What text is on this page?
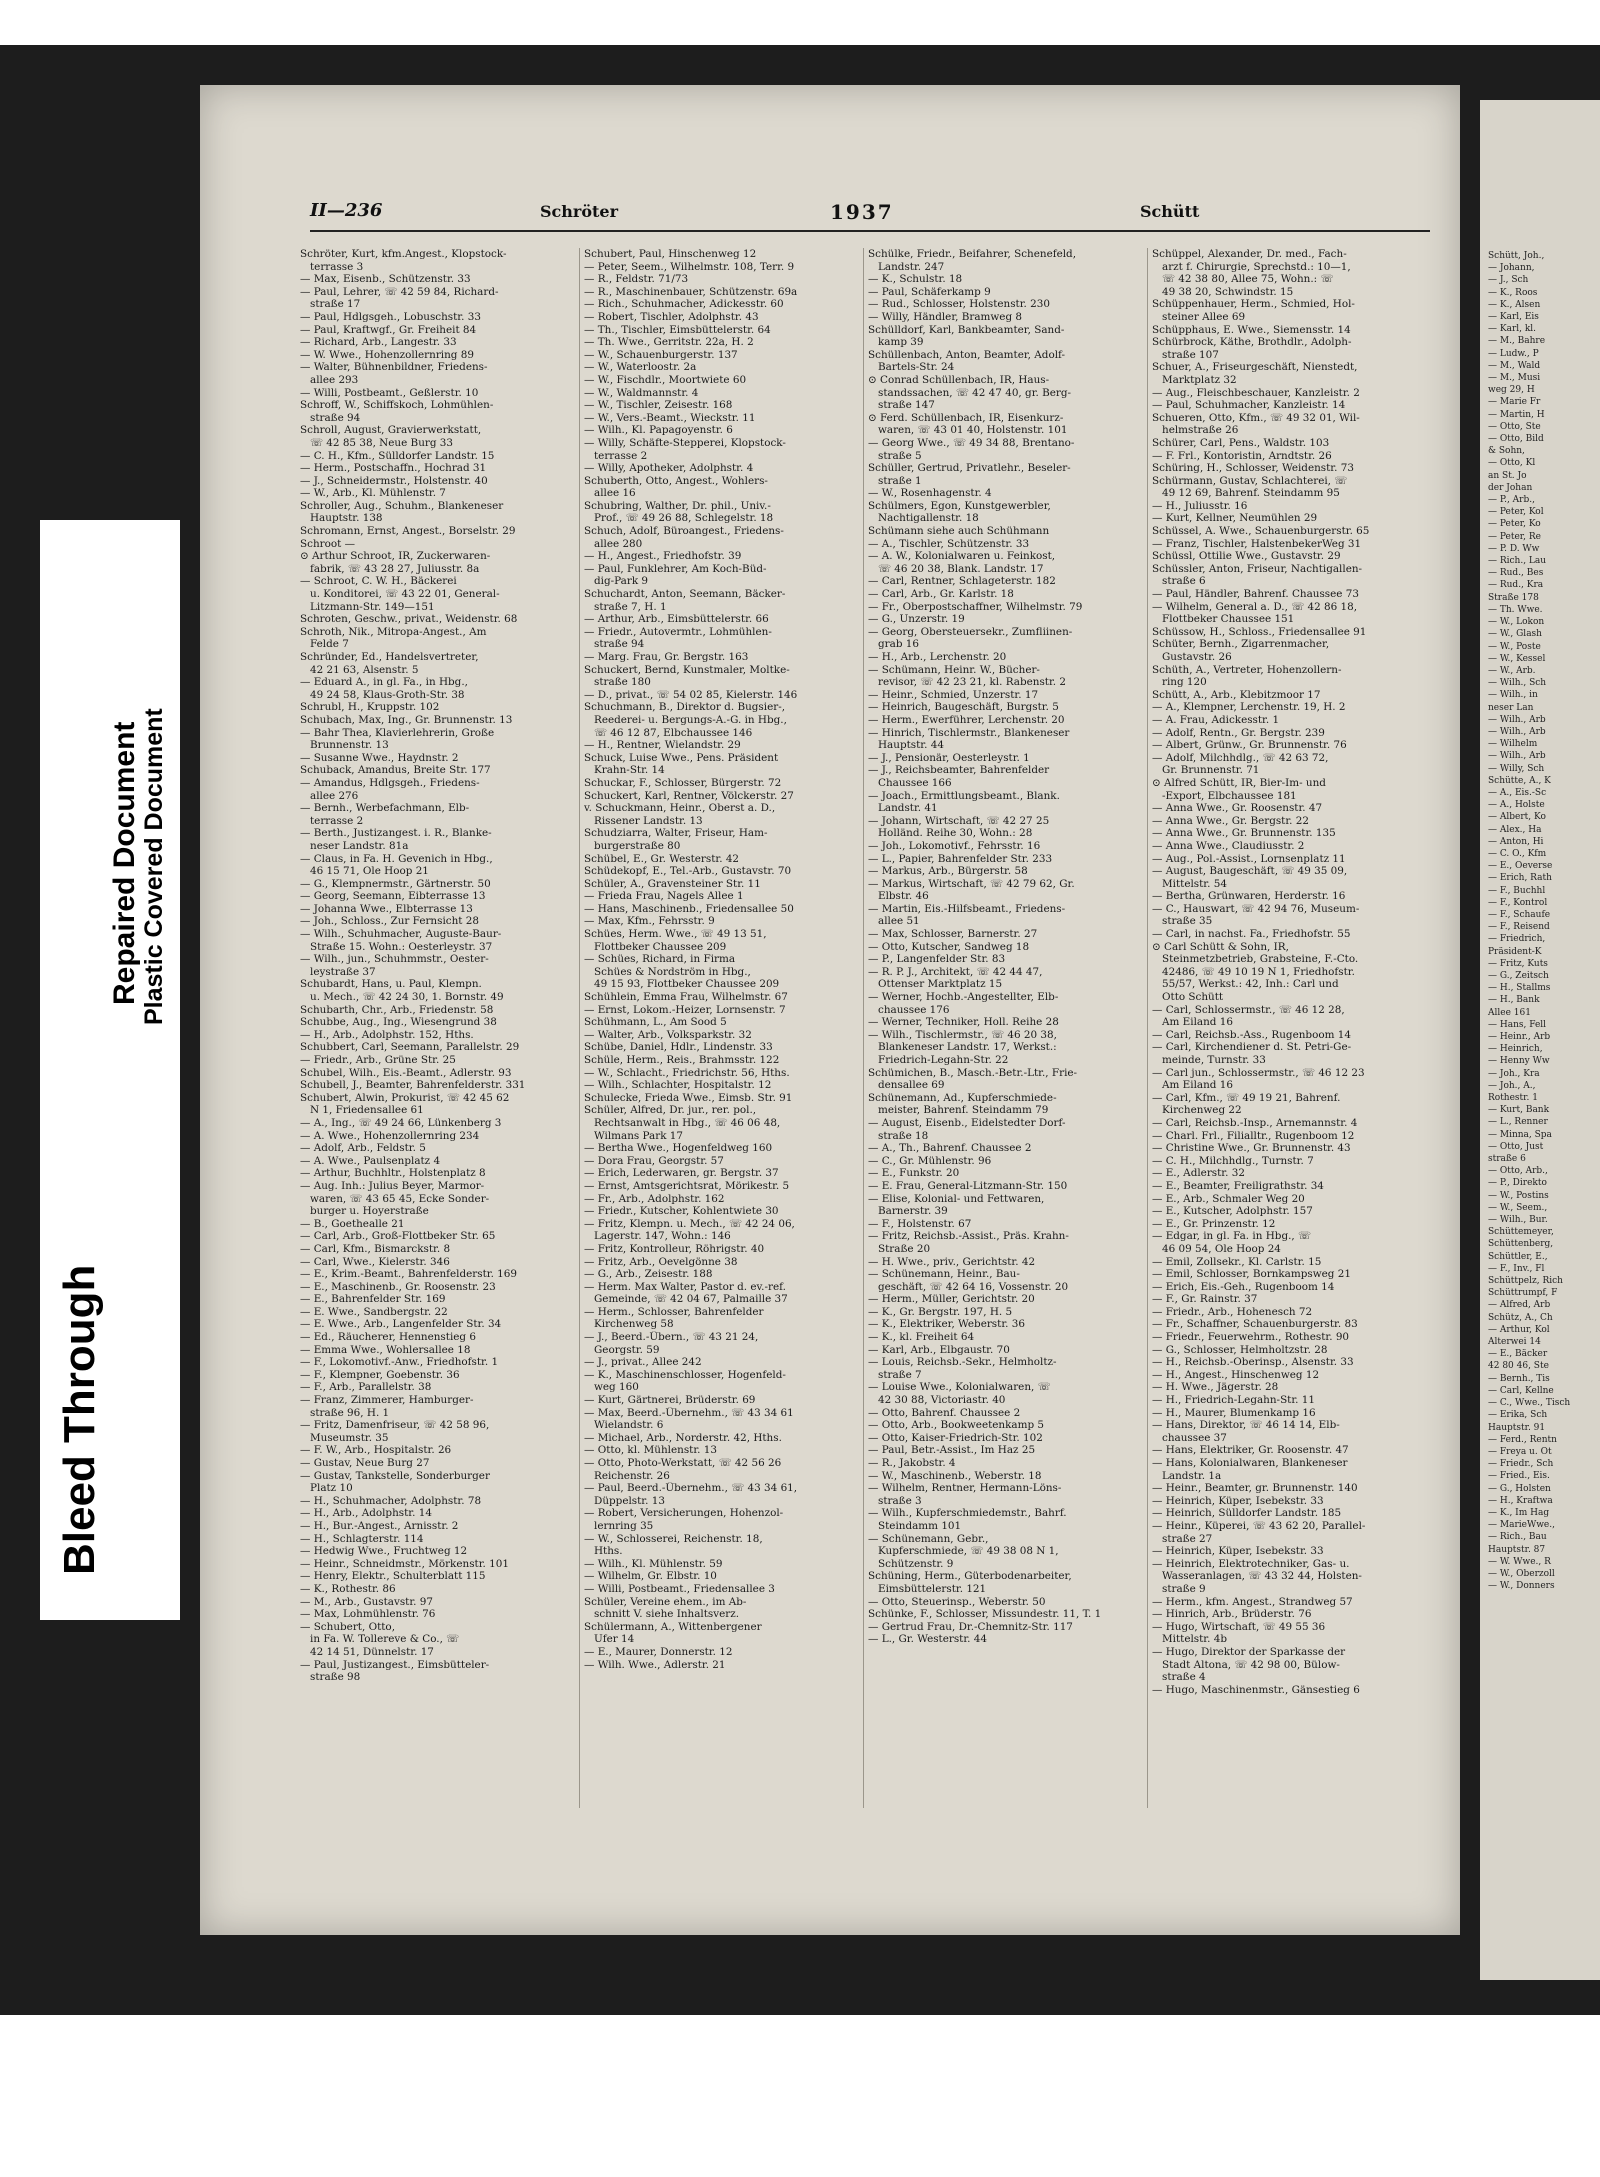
Bleed Through
Repaired Document Plastic Covered Document
Schütt, Joh.,
— Johann,
— J., Sch
— K., Roos
— K., Alsen
— Karl, Eis
— Karl, kl.
— M., Bahre
— Ludw., P
— M., Wald
— M., Musi
weg 29, H
— Marie Fr
— Martin, H
— Otto, Ste
— Otto, Bild
& Sohn,
— Otto, Kl
an St. Jo
der Johan
— P., Arb.,
— Peter, Kol
— Peter, Ko
— Peter, Re
— P. D. Ww
— Rich., Lau
— Rud., Bes
— Rud., Kra
Straße 178
— Th. Wwe.
— W., Lokon
— W., Glash
— W., Poste
— W., Kessel
— W., Arb.
— Wilh., Sch
— Wilh., in
neser Lan
— Wilh., Arb
— Wilh., Arb
— Wilhelm
— Wilh., Arb
— Willy, Sch
Schütte, A., K
— A., Eis.-Sc
— A., Holste
— Albert, Ko
— Alex., Ha
— Anton, Hi
— C. O., Kfm
— E., Oeverse
— Erich, Rath
— F., Buchhl
— F., Kontrol
— F., Schaufe
— F., Reisend
— Friedrich,
Präsident-K
— Fritz, Kuts
— G., Zeitsch
— H., Stallms
— H., Bank
Allee 161
— Hans, Fell
— Heinr., Arb
— Heinrich,
— Henny Ww
— Joh., Kra
— Joh., A.,
Rothestr. 1
— Kurt, Bank
— L., Renner
— Minna, Spa
— Otto, Just
straße 6
— Otto, Arb.,
— P., Direkto
— W., Postins
— W., Seem.,
— Wilh., Bur.
Schüttemeyer,
Schüttenberg,
Schüttler, E.,
— F., Inv., Fl
Schüttpelz, Rich
Schüttrumpf, F
— Alfred, Arb
Schütz, A., Ch
— Arthur, Kol
Alterwei 14
— E., Bäcker
42 80 46, Ste
— Bernh., Tis
— Carl, Kellne
— C., Wwe., Tisch
— Erika, Sch
Hauptstr. 91
— Ferd., Rentn
— Freya u. Ot
— Friedr., Sch
— Fried., Eis.
— G., Holsten
— H., Kraftwa
— K., Im Hag
— MarieWwe.,
— Rich., Bau
Hauptstr. 87
— W. Wwe., R
— W., Oberzoll
— W., Donners
II—236	Schröter	1937	Schütt
Schröter, Kurt, kfm.Angest., Klopstock-
terrasse 3
— Max, Eisenb., Schützenstr. 33
— Paul, Lehrer, ☏ 42 59 84, Richard-
straße 17
— Paul, Hdlgsgeh., Lobuschstr. 33
— Paul, Kraftwgf., Gr. Freiheit 84
— Richard, Arb., Langestr. 33
— W. Wwe., Hohenzollernring 89
— Walter, Bühnenbildner, Friedens-
allee 293
— Willi, Postbeamt., Geßlerstr. 10
Schroff, W., Schiffskoch, Lohmühlen-
straße 94
Schroll, August, Gravierwerkstatt,
☏ 42 85 38, Neue Burg 33
— C. H., Kfm., Sülldorfer Landstr. 15
— Herm., Postschaffn., Hochrad 31
— J., Schneidermstr., Holstenstr. 40
— W., Arb., Kl. Mühlenstr. 7
Schroller, Aug., Schuhm., Blankeneser
Hauptstr. 138
Schromann, Ernst, Angest., Borselstr. 29
Schroot —
⊙ Arthur Schroot, IR, Zuckerwaren-
fabrik, ☏ 43 28 27, Juliusstr. 8a
— Schroot, C. W. H., Bäckerei
u. Konditorei, ☏ 43 22 01, General-
Litzmann-Str. 149—151
Schroten, Geschw., privat., Weidenstr. 68
Schroth, Nik., Mitropa-Angest., Am
Felde 7
Schründer, Ed., Handelsvertreter,
42 21 63, Alsenstr. 5
— Eduard A., in gl. Fa., in Hbg.,
49 24 58, Klaus-Groth-Str. 38
Schrubl, H., Kruppstr. 102
Schubach, Max, Ing., Gr. Brunnenstr. 13
— Bahr Thea, Klavierlehrerin, Große
Brunnenstr. 13
— Susanne Wwe., Haydnstr. 2
Schuback, Amandus, Breite Str. 177
— Amandus, Hdlgsgeh., Friedens-
allee 276
— Bernh., Werbefachmann, Elb-
terrasse 2
— Berth., Justizangest. i. R., Blanke-
neser Landstr. 81a
— Claus, in Fa. H. Gevenich in Hbg.,
46 15 71, Ole Hoop 21
— G., Klempnermstr., Gärtnerstr. 50
— Georg, Seemann, Eibterrasse 13
— Johanna Wwe., Elbterrasse 13
— Joh., Schloss., Zur Fernsicht 28
— Wilh., Schuhmacher, Auguste-Baur-
Straße 15. Wohn.: Oesterleystr. 37
— Wilh., jun., Schuhmmstr., Oester-
leystraße 37
Schubardt, Hans, u. Paul, Klempn.
u. Mech., ☏ 42 24 30, 1. Bornstr. 49
Schubarth, Chr., Arb., Friedenstr. 58
Schubbe, Aug., Ing., Wiesengrund 38
— H., Arb., Adolphstr. 152, Hths.
Schubbert, Carl, Seemann, Parallelstr. 29
— Friedr., Arb., Grüne Str. 25
Schubel, Wilh., Eis.-Beamt., Adlerstr. 93
Schubell, J., Beamter, Bahrenfelderstr. 331
Schubert, Alwin, Prokurist, ☏ 42 45 62
N 1, Friedensallee 61
— A., Ing., ☏ 49 24 66, Lünkenberg 3
— A. Wwe., Hohenzollernring 234
— Adolf, Arb., Feldstr. 5
— A. Wwe., Paulsenplatz 4
— Arthur, Buchhltr., Holstenplatz 8
— Aug. Inh.: Julius Beyer, Marmor-
waren, ☏ 43 65 45, Ecke Sonder-
burger u. Hoyerstraße
— B., Goethealle 21
— Carl, Arb., Groß-Flottbeker Str. 65
— Carl, Kfm., Bismarckstr. 8
— Carl, Wwe., Kielerstr. 346
— E., Krim.-Beamt., Bahrenfelderstr. 169
— E., Maschinenb., Gr. Roosenstr. 23
— E., Bahrenfelder Str. 169
— E. Wwe., Sandbergstr. 22
— E. Wwe., Arb., Langenfelder Str. 34
— Ed., Räucherer, Hennenstieg 6
— Emma Wwe., Wohlersallee 18
— F., Lokomotivf.-Anw., Friedhofstr. 1
— F., Klempner, Goebenstr. 36
— F., Arb., Parallelstr. 38
— Franz, Zimmerer, Hamburger-
straße 96, H. 1
— Fritz, Damenfriseur, ☏ 42 58 96,
Museumstr. 35
— F. W., Arb., Hospitalstr. 26
— Gustav, Neue Burg 27
— Gustav, Tankstelle, Sonderburger
Platz 10
— H., Schuhmacher, Adolphstr. 78
— H., Arb., Adolphstr. 14
— H., Bur.-Angest., Arnisstr. 2
— H., Schlagterstr. 114
— Hedwig Wwe., Fruchtweg 12
— Heinr., Schneidmstr., Mörkenstr. 101
— Henry, Elektr., Schulterblatt 115
— K., Rothestr. 86
— M., Arb., Gustavstr. 97
— Max, Lohmühlenstr. 76
— Schubert, Otto,
in Fa. W. Tollereve & Co., ☏
42 14 51, Dünnelstr. 17
— Paul, Justizangest., Eimsbütteler-
straße 98
Schubert, Paul, Hinschenweg 12
— Peter, Seem., Wilhelmstr. 108, Terr. 9
— R., Feldstr. 71/73
— R., Maschinenbauer, Schützenstr. 69a
— Rich., Schuhmacher, Adickesstr. 60
— Robert, Tischler, Adolphstr. 43
— Th., Tischler, Eimsbüttelerstr. 64
— Th. Wwe., Gerritstr. 22a, H. 2
— W., Schauenburgerstr. 137
— W., Waterloostr. 2a
— W., Fischdlr., Moortwiete 60
— W., Waldmannstr. 4
— W., Tischler, Zeisestr. 168
— W., Vers.-Beamt., Wieckstr. 11
— Wilh., Kl. Papagoyenstr. 6
— Willy, Schäfte-Stepperei, Klopstock-
terrasse 2
— Willy, Apotheker, Adolphstr. 4
Schuberth, Otto, Angest., Wohlers-
allee 16
Schubring, Walther, Dr. phil., Univ.-
Prof., ☏ 49 26 88, Schlegelstr. 18
Schuch, Adolf, Büroangest., Friedens-
allee 280
— H., Angest., Friedhofstr. 39
— Paul, Funklehrer, Am Koch-Büd-
dig-Park 9
Schuchardt, Anton, Seemann, Bäcker-
straße 7, H. 1
— Arthur, Arb., Eimsbüttelerstr. 66
— Friedr., Autovermtr., Lohmühlen-
straße 94
— Marg. Frau, Gr. Bergstr. 163
Schuckert, Bernd, Kunstmaler, Moltke-
straße 180
— D., privat., ☏ 54 02 85, Kielerstr. 146
Schuchmann, B., Direktor d. Bugsier-,
Reederei- u. Bergungs-A.-G. in Hbg.,
☏ 46 12 87, Elbchaussee 146
— H., Rentner, Wielandstr. 29
Schuck, Luise Wwe., Pens. Präsident
Krahn-Str. 14
Schuckar, F., Schlosser, Bürgerstr. 72
Schuckert, Karl, Rentner, Völckerstr. 27
v. Schuckmann, Heinr., Oberst a. D.,
Rissener Landstr. 13
Schudziarra, Walter, Friseur, Ham-
burgerstraße 80
Schübel, E., Gr. Westerstr. 42
Schüdekopf, E., Tel.-Arb., Gustavstr. 70
Schüler, A., Gravensteiner Str. 11
— Frieda Frau, Nagels Allee 1
— Hans, Maschinenb., Friedensallee 50
— Max, Kfm., Fehrsstr. 9
Schües, Herm. Wwe., ☏ 49 13 51,
Flottbeker Chaussee 209
— Schües, Richard, in Firma
Schües & Nordström in Hbg.,
49 15 93, Flottbeker Chaussee 209
Schühlein, Emma Frau, Wilhelmstr. 67
— Ernst, Lokom.-Heizer, Lornsenstr. 7
Schühmann, L., Am Sood 5
— Walter, Arb., Volksparkstr. 32
Schübe, Daniel, Hdlr., Lindenstr. 33
Schüle, Herm., Reis., Brahmsstr. 122
— W., Schlacht., Friedrichstr. 56, Hths.
— Wilh., Schlachter, Hospitalstr. 12
Schulecke, Frieda Wwe., Eimsb. Str. 91
Schüler, Alfred, Dr. jur., rer. pol.,
Rechtsanwalt in Hbg., ☏ 46 06 48,
Wilmans Park 17
— Bertha Wwe., Hogenfeldweg 160
— Dora Frau, Georgstr. 57
— Erich, Lederwaren, gr. Bergstr. 37
— Ernst, Amtsgerichtsrat, Mörikestr. 5
— Fr., Arb., Adolphstr. 162
— Friedr., Kutscher, Kohlentwiete 30
— Fritz, Klempn. u. Mech., ☏ 42 24 06,
Lagerstr. 147, Wohn.: 146
— Fritz, Kontrolleur, Röhrigstr. 40
— Fritz, Arb., Oevelgönne 38
— G., Arb., Zeisestr. 188
— Herm. Max Walter, Pastor d. ev.-ref.
Gemeinde, ☏ 42 04 67, Palmaille 37
— Herm., Schlosser, Bahrenfelder
Kirchenweg 58
— J., Beerd.-Übern., ☏ 43 21 24,
Georgstr. 59
— J., privat., Allee 242
— K., Maschinenschlosser, Hogenfeld-
weg 160
— Kurt, Gärtnerei, Brüderstr. 69
— Max, Beerd.-Übernehm., ☏ 43 34 61
Wielandstr. 6
— Michael, Arb., Norderstr. 42, Hths.
— Otto, kl. Mühlenstr. 13
— Otto, Photo-Werkstatt, ☏ 42 56 26
Reichenstr. 26
— Paul, Beerd.-Übernehm., ☏ 43 34 61,
Düppelstr. 13
— Robert, Versicherungen, Hohenzol-
lernring 35
— W., Schlosserei, Reichenstr. 18,
Hths.
— Wilh., Kl. Mühlenstr. 59
— Wilhelm, Gr. Elbstr. 10
— Willi, Postbeamt., Friedensallee 3
Schüler, Vereine ehem., im Ab-
schnitt V. siehe Inhaltsverz.
Schülermann, A., Wittenbergener
Ufer 14
— E., Maurer, Donnerstr. 12
— Wilh. Wwe., Adlerstr. 21
Schülke, Friedr., Beifahrer, Schenefeld,
Landstr. 247
— K., Schulstr. 18
— Paul, Schäferkamp 9
— Rud., Schlosser, Holstenstr. 230
— Willy, Händler, Bramweg 8
Schülldorf, Karl, Bankbeamter, Sand-
kamp 39
Schüllenbach, Anton, Beamter, Adolf-
Bartels-Str. 24
⊙ Conrad Schüllenbach, IR, Haus-
standssachen, ☏ 42 47 40, gr. Berg-
straße 147
⊙ Ferd. Schüllenbach, IR, Eisenkurz-
waren, ☏ 43 01 40, Holstenstr. 101
— Georg Wwe., ☏ 49 34 88, Brentano-
straße 5
Schüller, Gertrud, Privatlehr., Beseler-
straße 1
— W., Rosenhagenstr. 4
Schülmers, Egon, Kunstgewerbler,
Nachtigallenstr. 18
Schümann siehe auch Schühmann
— A., Tischler, Schützenstr. 33
— A. W., Kolonialwaren u. Feinkost,
☏ 46 20 38, Blank. Landstr. 17
— Carl, Rentner, Schlageterstr. 182
— Carl, Arb., Gr. Karlstr. 18
— Fr., Oberpostschaffner, Wilhelmstr. 79
— G., Unzerstr. 19
— Georg, Obersteuersekr., Zumfliinen-
grab 16
— H., Arb., Lerchenstr. 20
— Schümann, Heinr. W., Bücher-
revisor, ☏ 42 23 21, kl. Rabenstr. 2
— Heinr., Schmied, Unzerstr. 17
— Heinrich, Baugeschäft, Burgstr. 5
— Herm., Ewerführer, Lerchenstr. 20
— Hinrich, Tischlermstr., Blankeneser
Hauptstr. 44
— J., Pensionär, Oesterleystr. 1
— J., Reichsbeamter, Bahrenfelder
Chaussee 166
— Joach., Ermittlungsbeamt., Blank.
Landstr. 41
— Johann, Wirtschaft, ☏ 42 27 25
Holländ. Reihe 30, Wohn.: 28
— Joh., Lokomotivf., Fehrsstr. 16
— L., Papier, Bahrenfelder Str. 233
— Markus, Arb., Bürgerstr. 58
— Markus, Wirtschaft, ☏ 42 79 62, Gr.
Elbstr. 46
— Martin, Eis.-Hilfsbeamt., Friedens-
allee 51
— Max, Schlosser, Barnerstr. 27
— Otto, Kutscher, Sandweg 18
— P., Langenfelder Str. 83
— R. P. J., Architekt, ☏ 42 44 47,
Ottenser Marktplatz 15
— Werner, Hochb.-Angestellter, Elb-
chaussee 176
— Werner, Techniker, Holl. Reihe 28
— Wilh., Tischlermstr., ☏ 46 20 38,
Blankeneser Landstr. 17, Werkst.:
Friedrich-Legahn-Str. 22
Schümichen, B., Masch.-Betr.-Ltr., Frie-
densallee 69
Schünemann, Ad., Kupferschmiede-
meister, Bahrenf. Steindamm 79
— August, Eisenb., Eidelstedter Dorf-
straße 18
— A., Th., Bahrenf. Chaussee 2
— C., Gr. Mühlenstr. 96
— E., Funkstr. 20
— E. Frau, General-Litzmann-Str. 150
— Elise, Kolonial- und Fettwaren,
Barnerstr. 39
— F., Holstenstr. 67
— Fritz, Reichsb.-Assist., Präs. Krahn-
Straße 20
— H. Wwe., priv., Gerichtstr. 42
— Schünemann, Heinr., Bau-
geschäft, ☏ 42 64 16, Vossenstr. 20
— Herm., Müller, Gerichtstr. 20
— K., Gr. Bergstr. 197, H. 5
— K., Elektriker, Weberstr. 36
— K., kl. Freiheit 64
— Karl, Arb., Elbgaustr. 70
— Louis, Reichsb.-Sekr., Helmholtz-
straße 7
— Louise Wwe., Kolonialwaren, ☏
42 30 88, Victoriastr. 40
— Otto, Bahrenf. Chaussee 2
— Otto, Arb., Bookweetenkamp 5
— Otto, Kaiser-Friedrich-Str. 102
— Paul, Betr.-Assist., Im Haz 25
— R., Jakobstr. 4
— W., Maschinenb., Weberstr. 18
— Wilhelm, Rentner, Hermann-Löns-
straße 3
— Wilh., Kupferschmiedemstr., Bahrf.
Steindamm 101
— Schünemann, Gebr.,
Kupferschmiede, ☏ 49 38 08 N 1,
Schützenstr. 9
Schüning, Herm., Güterbodenarbeiter,
Eimsbüttelerstr. 121
— Otto, Steuerinsp., Weberstr. 50
Schünke, F., Schlosser, Missundestr. 11, T. 1
— Gertrud Frau, Dr.-Chemnitz-Str. 117
— L., Gr. Westerstr. 44
Schüppel, Alexander, Dr. med., Fach-
arzt f. Chirurgie, Sprechstd.: 10—1,
☏ 42 38 80, Allee 75, Wohn.: ☏
49 38 20, Schwindstr. 15
Schüppenhauer, Herm., Schmied, Hol-
steiner Allee 69
Schüpphaus, E. Wwe., Siemensstr. 14
Schürbrock, Käthe, Brothdlr., Adolph-
straße 107
Schuer, A., Friseurgeschäft, Nienstedt,
Marktplatz 32
— Aug., Fleischbeschauer, Kanzleistr. 2
— Paul, Schuhmacher, Kanzleistr. 14
Schueren, Otto, Kfm., ☏ 49 32 01, Wil-
helmstraße 26
Schürer, Carl, Pens., Waldstr. 103
— F. Frl., Kontoristin, Arndtstr. 26
Schüring, H., Schlosser, Weidenstr. 73
Schürmann, Gustav, Schlachterei, ☏
49 12 69, Bahrenf. Steindamm 95
— H., Juliusstr. 16
— Kurt, Kellner, Neumühlen 29
Schüssel, A. Wwe., Schauenburgerstr. 65
— Franz, Tischler, HalstenbekerWeg 31
Schüssl, Ottilie Wwe., Gustavstr. 29
Schüssler, Anton, Friseur, Nachtigallen-
straße 6
— Paul, Händler, Bahrenf. Chaussee 73
— Wilhelm, General a. D., ☏ 42 86 18,
Flottbeker Chaussee 151
Schüssow, H., Schloss., Friedensallee 91
Schüter, Bernh., Zigarrenmacher,
Gustavstr. 26
Schüth, A., Vertreter, Hohenzollern-
ring 120
Schütt, A., Arb., Klebitzmoor 17
— A., Klempner, Lerchenstr. 19, H. 2
— A. Frau, Adickesstr. 1
— Adolf, Rentn., Gr. Bergstr. 239
— Albert, Grünw., Gr. Brunnenstr. 76
— Adolf, Milchhdlg., ☏ 42 63 72,
Gr. Brunnenstr. 71
⊙ Alfred Schütt, IR, Bier-Im- und
-Export, Elbchaussee 181
— Anna Wwe., Gr. Roosenstr. 47
— Anna Wwe., Gr. Bergstr. 22
— Anna Wwe., Gr. Brunnenstr. 135
— Anna Wwe., Claudiusstr. 2
— Aug., Pol.-Assist., Lornsenplatz 11
— August, Baugeschäft, ☏ 49 35 09,
Mittelstr. 54
— Bertha, Grünwaren, Herderstr. 16
— C., Hauswart, ☏ 42 94 76, Museum-
straße 35
— Carl, in nachst. Fa., Friedhofstr. 55
⊙ Carl Schütt & Sohn, IR,
Steinmetzbetrieb, Grabsteine, F.-Cto.
42486, ☏ 49 10 19 N 1, Friedhofstr.
55/57, Werkst.: 42, Inh.: Carl und
Otto Schütt
— Carl, Schlossermstr., ☏ 46 12 28,
Am Eiland 16
— Carl, Reichsb.-Ass., Rugenboom 14
— Carl, Kirchendiener d. St. Petri-Ge-
meinde, Turnstr. 33
— Carl jun., Schlossermstr., ☏ 46 12 23
Am Eiland 16
— Carl, Kfm., ☏ 49 19 21, Bahrenf.
Kirchenweg 22
— Carl, Reichsb.-Insp., Arnemannstr. 4
— Charl. Frl., Filialltr., Rugenboom 12
— Christine Wwe., Gr. Brunnenstr. 43
— C. H., Milchhdlg., Turnstr. 7
— E., Adlerstr. 32
— E., Beamter, Freiligrathstr. 34
— E., Arb., Schmaler Weg 20
— E., Kutscher, Adolphstr. 157
— E., Gr. Prinzenstr. 12
— Edgar, in gl. Fa. in Hbg., ☏
46 09 54, Ole Hoop 24
— Emil, Zollsekr., Kl. Carlstr. 15
— Emil, Schlosser, Bornkampsweg 21
— Erich, Eis.-Geh., Rugenboom 14
— F., Gr. Rainstr. 37
— Friedr., Arb., Hohenesch 72
— Fr., Schaffner, Schauenburgerstr. 83
— Friedr., Feuerwehrm., Rothestr. 90
— G., Schlosser, Helmholtzstr. 28
— H., Reichsb.-Oberinsp., Alsenstr. 33
— H., Angest., Hinschenweg 12
— H. Wwe., Jägerstr. 28
— H., Friedrich-Legahn-Str. 11
— H., Maurer, Blumenkamp 16
— Hans, Direktor, ☏ 46 14 14, Elb-
chaussee 37
— Hans, Elektriker, Gr. Roosenstr. 47
— Hans, Kolonialwaren, Blankeneser
Landstr. 1a
— Heinr., Beamter, gr. Brunnenstr. 140
— Heinrich, Küper, Isebekstr. 33
— Heinrich, Sülldorfer Landstr. 185
— Heinr., Küperei, ☏ 43 62 20, Parallel-
straße 27
— Heinrich, Küper, Isebekstr. 33
— Heinrich, Elektrotechniker, Gas- u.
Wasseranlagen, ☏ 43 32 44, Holsten-
straße 9
— Herm., kfm. Angest., Strandweg 57
— Hinrich, Arb., Brüderstr. 76
— Hugo, Wirtschaft, ☏ 49 55 36
Mittelstr. 4b
— Hugo, Direktor der Sparkasse der
Stadt Altona, ☏ 42 98 00, Bülow-
straße 4
— Hugo, Maschinenmstr., Gänsestieg 6
